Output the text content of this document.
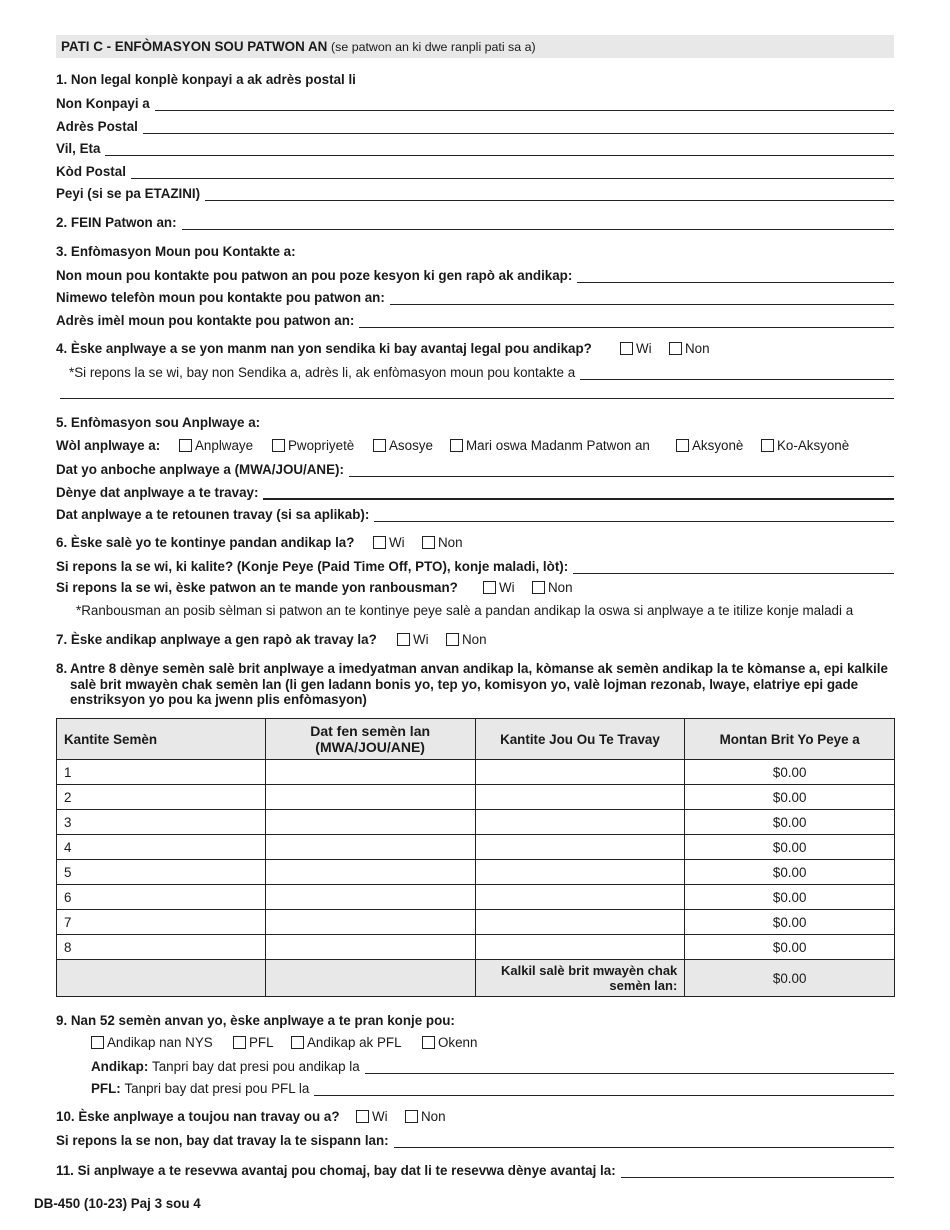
PATI C - ENFÒMASYON SOU PATWON AN (se patwon an ki dwe ranpli pati sa a)
1. Non legal konplè konpayi a ak adrès postal li
Non Konpayi a
Adrès Postal
Vil, Eta
Kòd Postal
Peyi (si se pa ETAZINI)
2. FEIN Patwon an:
3. Enfòmasyon Moun pou Kontakte a:
Non moun pou kontakte pou patwon an pou poze kesyon ki gen rapò ak andikap:
Nimewo telefòn moun pou kontakte pou patwon an:
Adrès imèl moun pou kontakte pou patwon an:
4. Èske anplwaye a se yon manm nan yon sendika ki bay avantaj legal pou andikap?	Wi	Non
*Si repons la se wi, bay non Sendika a, adrès li, ak enfòmasyon moun pou kontakte a
5. Enfòmasyon sou Anplwaye a:
Wòl anplwaye a:	Anplwaye	Pwopriyetè	Asosye	Mari oswa Madanm Patwon an	Aksyonè	Ko-Aksyonè
Dat yo anboche anplwaye a (MWA/JOU/ANE):
Dènye dat anplwaye a te travay:
Dat anplwaye a te retounen travay (si sa aplikab):
6. Èske salè yo te kontinye pandan andikap la?	Wi	Non
Si repons la se wi, ki kalite? (Konje Peye (Paid Time Off, PTO), konje maladi, lòt):
Si repons la se wi, èske patwon an te mande yon ranbousman?	Wi	Non
*Ranbousman an posib sèlman si patwon an te kontinye peye salè a pandan andikap la oswa si anplwaye a te itilize konje maladi a
7. Èske andikap anplwaye a gen rapò ak travay la?	Wi	Non
8. Antre 8 dènye semèn salè brit anplwaye a imedyatman anvan andikap la, kòmanse ak semèn andikap la te kòmanse a, epi kalkile salè brit mwayèn chak semèn lan (li gen ladann bonis yo, tep yo, komisyon yo, valè lojman rezonab, lwaye, elatriye epi gade enstriksyon yo pou ka jwenn plis enfòmasyon)
Kantite Semèn	Dat fen semèn lan (MWA/JOU/ANE)	Kantite Jou Ou Te Travay	Montan Brit Yo Peye a
1			$0.00
2			$0.00
3			$0.00
4			$0.00
5			$0.00
6			$0.00
7			$0.00
8			$0.00
		Kalkil salè brit mwayèn chak semèn lan:	$0.00
9. Nan 52 semèn anvan yo, èske anplwaye a te pran konje pou:
Andikap nan NYS	PFL	Andikap ak PFL	Okenn
Andikap:
Tanpri bay dat presi pou andikap la
PFL:
Tanpri bay dat presi pou PFL la
10. Èske anplwaye a toujou nan travay ou a?	Wi	Non
Si repons la se non, bay dat travay la te sispann lan:
11. Si anplwaye a te resevwa avantaj pou chomaj, bay dat li te resevwa dènye avantaj la:
DB-450 (10-23) Paj 3 sou 4
